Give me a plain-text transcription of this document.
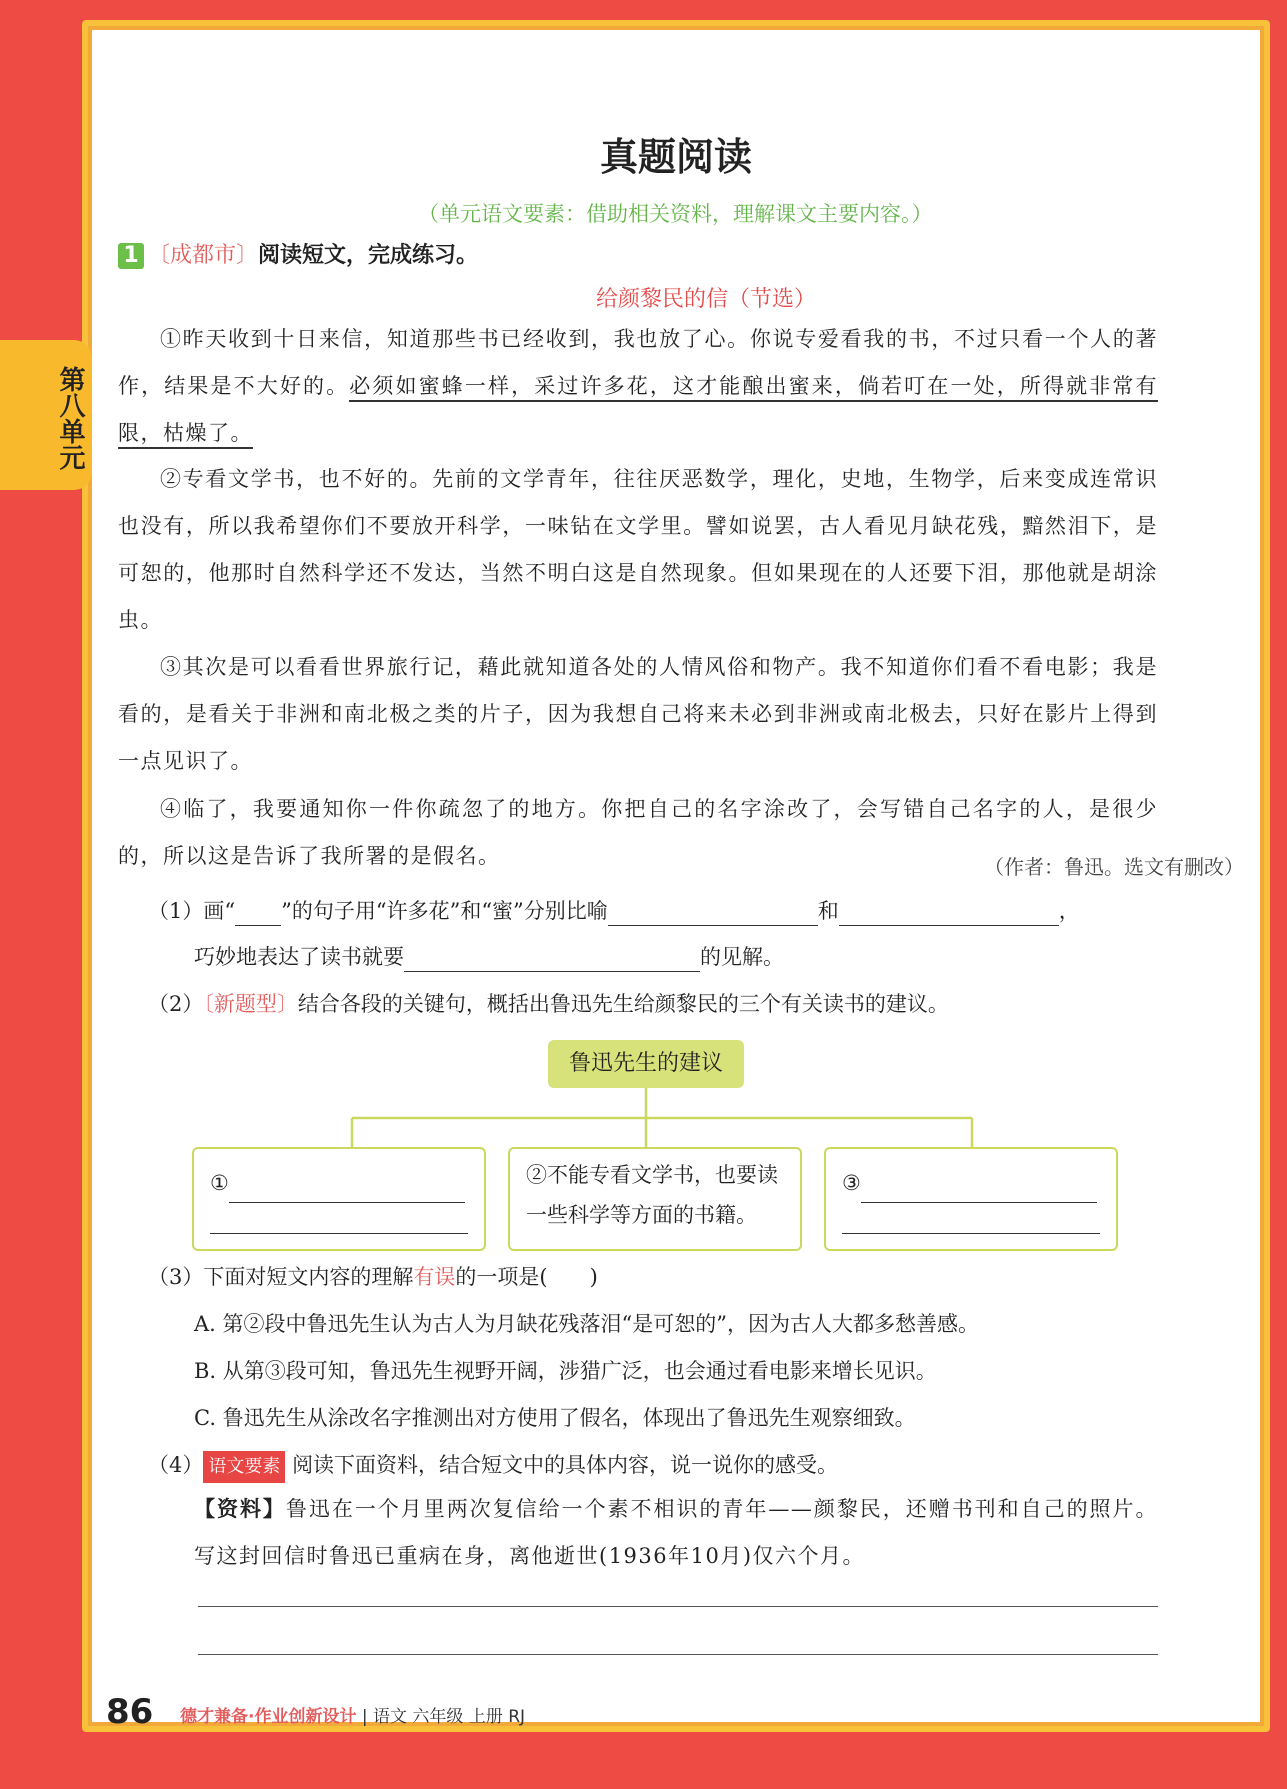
真题阅读
（单元语文要素：借助相关资料，理解课文主要内容。）
1 〔成都市〕阅读短文，完成练习。
给颜黎民的信（节选）
①昨天收到十日来信，知道那些书已经收到，我也放了心。你说专爱看我的书，不过只看一个人的著作，结果是不大好的。必须如蜜蜂一样，采过许多花，这才能酿出蜜来，倘若叮在一处，所得就非常有限，枯燥了。
②专看文学书，也不好的。先前的文学青年，往往厌恶数学，理化，史地，生物学，后来变成连常识也没有，所以我希望你们不要放开科学，一味钻在文学里。譬如说罢，古人看见月缺花残，黯然泪下，是可恕的，他那时自然科学还不发达，当然不明白这是自然现象。但如果现在的人还要下泪，那他就是胡涂虫。
③其次是可以看看世界旅行记，藉此就知道各处的人情风俗和物产。我不知道你们看不看电影；我是看的，是看关于非洲和南北极之类的片子，因为我想自己将来未必到非洲或南北极去，只好在影片上得到一点见识了。
④临了，我要通知你一件你疏忽了的地方。你把自己的名字涂改了，会写错自己名字的人，是很少的，所以这是告诉了我所署的是假名。	（作者：鲁迅。选文有删改）
（1）画“ ”的句子用“许多花”和“蜜”分别比喻	和	，
巧妙地表达了读书就要	的见解。
（2）〔新题型〕结合各段的关键句，概括出鲁迅先生给颜黎民的三个有关读书的建议。
鲁迅先生的建议
①	②不能专看文学书，也要读一些科学等方面的书籍。
③
（3）下面对短文内容的理解有误的一项是(　　)
A. 第②段中鲁迅先生认为古人为月缺花残落泪“是可恕的”，因为古人大都多愁善感。
B. 从第③段可知，鲁迅先生视野开阔，涉猎广泛，也会通过看电影来增长见识。
C. 鲁迅先生从涂改名字推测出对方使用了假名，体现出了鲁迅先生观察细致。
（4） 语文要素 阅读下面资料，结合短文中的具体内容，说一说你的感受。
【资料】鲁迅在一个月里两次复信给一个素不相识的青年——颜黎民，还赠书刊和自己的照片。写这封回信时鲁迅已重病在身，离他逝世(1936年10月)仅六个月。
86 德才兼备·作业创新设计 | 语文 六年级 上册 RJ
第八单元
